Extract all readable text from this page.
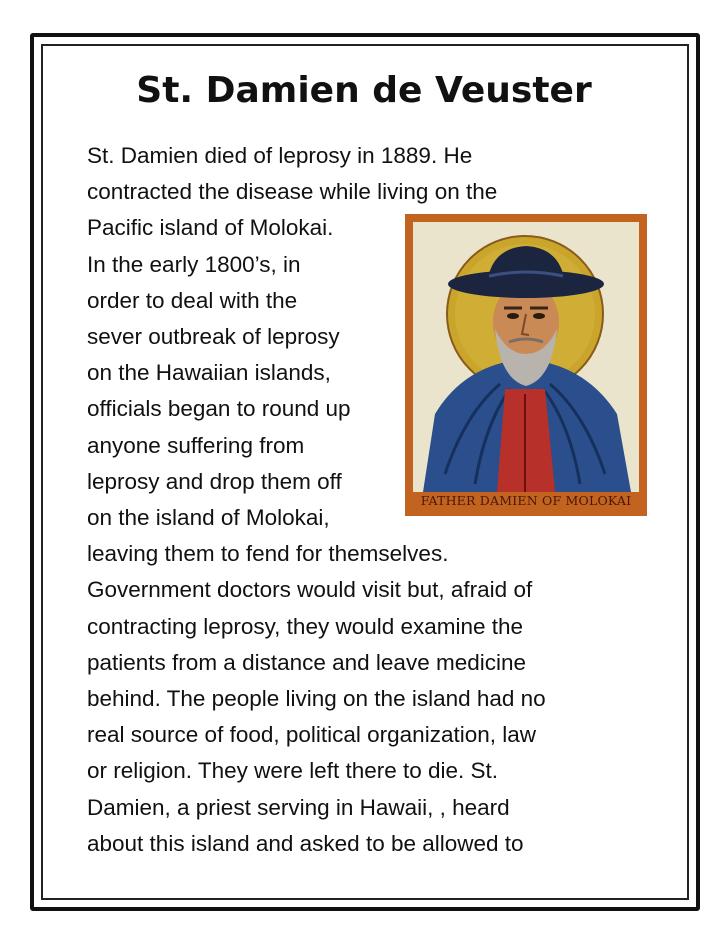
St. Damien de Veuster
St. Damien died of leprosy in 1889. He
contracted the disease while living on the
Pacific island of Molokai.
In the early 1800’s, in
order to deal with the
sever outbreak of leprosy
on the Hawaiian islands,
officials began to round up
anyone suffering from
leprosy and drop them off
on the island of Molokai,
leaving them to fend for themselves.
Government doctors would visit but, afraid of
contracting leprosy, they would examine the
patients from a distance and leave medicine
behind. The people living on the island had no
real source of food, political organization, law
or religion. They were left there to die. St.
Damien, a priest serving in Hawaii, , heard
about this island and asked to be allowed to
FATHER DAMIEN OF MOLOKAI
